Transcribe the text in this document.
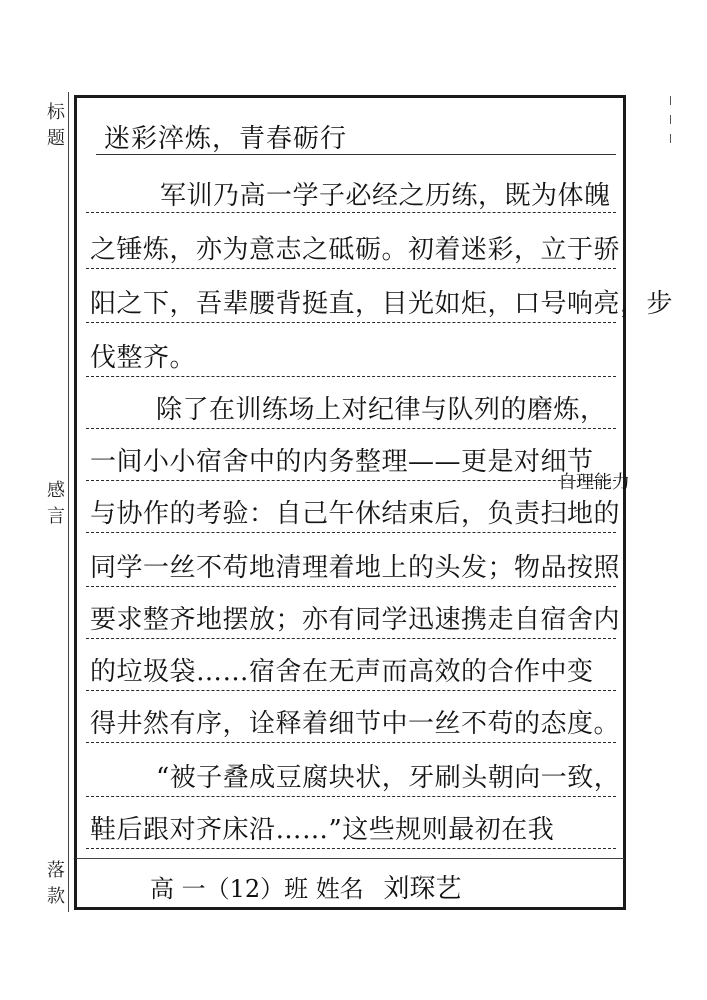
标
题
感
言
落
款
迷彩淬炼，青春砺行
军训乃高一学子必经之历练，既为体魄
之锤炼，亦为意志之砥砺。初着迷彩，立于骄
阳之下，吾辈腰背挺直，目光如炬，口号响亮，步
伐整齐。
除了在训练场上对纪律与队列的磨炼，
一间小小宿舍中的内务整理——更是对细节
自理能力
与协作的考验：自己午休结束后，负责扫地的
同学一丝不苟地清理着地上的头发；物品按照
要求整齐地摆放；亦有同学迅速携走自宿舍内
的垃圾袋……宿舍在无声而高效的合作中变
得井然有序，诠释着细节中一丝不苟的态度。
“被子叠成豆腐块状，牙刷头朝向一致，
鞋后跟对齐床沿……”这些规则最初在我
高 一（12）班 姓名 刘琛艺
